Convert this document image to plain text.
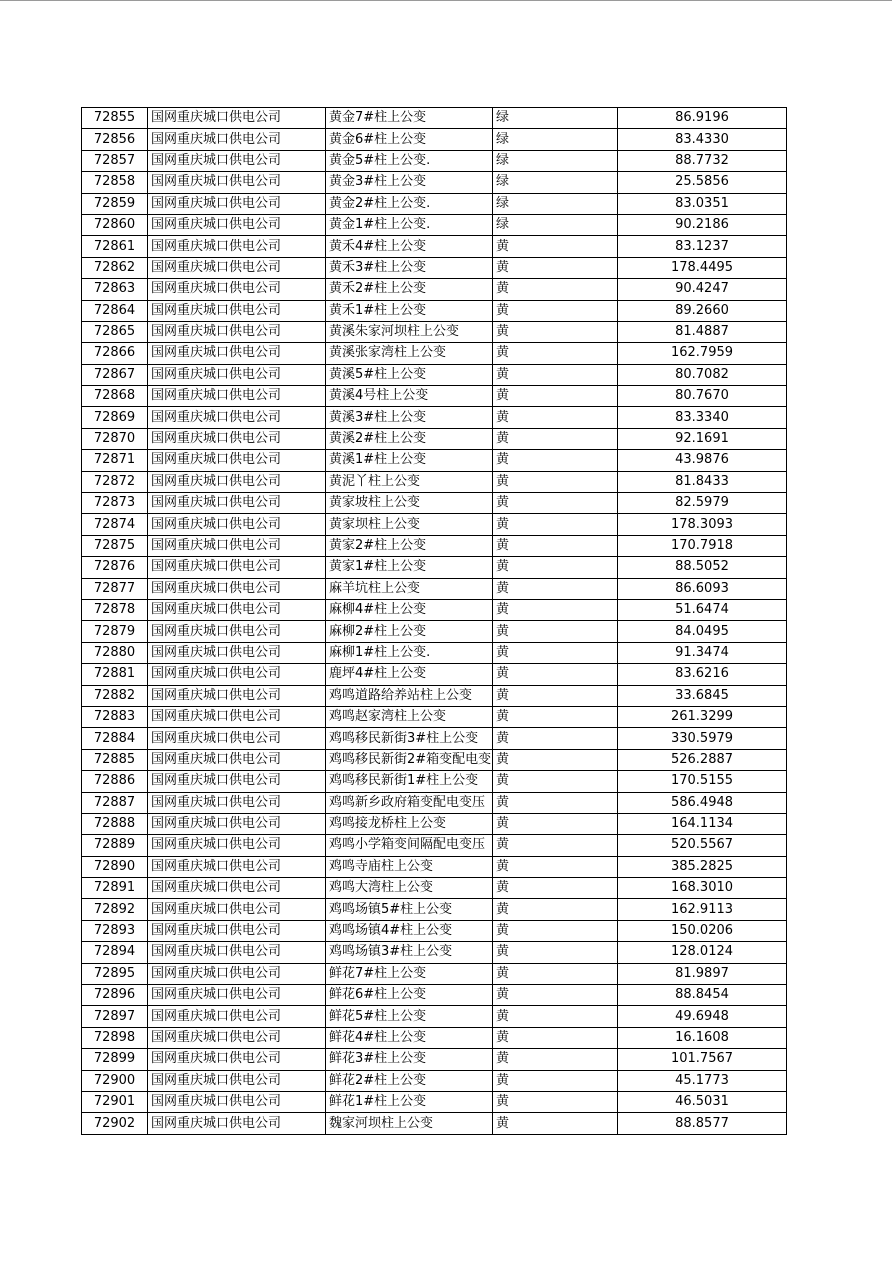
72855	国网重庆城口供电公司	黄金7#柱上公变	绿	86.9196
72856	国网重庆城口供电公司	黄金6#柱上公变	绿	83.4330
72857	国网重庆城口供电公司	黄金5#柱上公变.	绿	88.7732
72858	国网重庆城口供电公司	黄金3#柱上公变	绿	25.5856
72859	国网重庆城口供电公司	黄金2#柱上公变.	绿	83.0351
72860	国网重庆城口供电公司	黄金1#柱上公变.	绿	90.2186
72861	国网重庆城口供电公司	黄禾4#柱上公变	黄	83.1237
72862	国网重庆城口供电公司	黄禾3#柱上公变	黄	178.4495
72863	国网重庆城口供电公司	黄禾2#柱上公变	黄	90.4247
72864	国网重庆城口供电公司	黄禾1#柱上公变	黄	89.2660
72865	国网重庆城口供电公司	黄溪朱家河坝柱上公变	黄	81.4887
72866	国网重庆城口供电公司	黄溪张家湾柱上公变	黄	162.7959
72867	国网重庆城口供电公司	黄溪5#柱上公变	黄	80.7082
72868	国网重庆城口供电公司	黄溪4号柱上公变	黄	80.7670
72869	国网重庆城口供电公司	黄溪3#柱上公变	黄	83.3340
72870	国网重庆城口供电公司	黄溪2#柱上公变	黄	92.1691
72871	国网重庆城口供电公司	黄溪1#柱上公变	黄	43.9876
72872	国网重庆城口供电公司	黄泥丫柱上公变	黄	81.8433
72873	国网重庆城口供电公司	黄家坡柱上公变	黄	82.5979
72874	国网重庆城口供电公司	黄家坝柱上公变	黄	178.3093
72875	国网重庆城口供电公司	黄家2#柱上公变	黄	170.7918
72876	国网重庆城口供电公司	黄家1#柱上公变	黄	88.5052
72877	国网重庆城口供电公司	麻羊坑柱上公变	黄	86.6093
72878	国网重庆城口供电公司	麻柳4#柱上公变	黄	51.6474
72879	国网重庆城口供电公司	麻柳2#柱上公变	黄	84.0495
72880	国网重庆城口供电公司	麻柳1#柱上公变.	黄	91.3474
72881	国网重庆城口供电公司	鹿坪4#柱上公变	黄	83.6216
72882	国网重庆城口供电公司	鸡鸣道路给养站柱上公变	黄	33.6845
72883	国网重庆城口供电公司	鸡鸣赵家湾柱上公变	黄	261.3299
72884	国网重庆城口供电公司	鸡鸣移民新街3#柱上公变	黄	330.5979
72885	国网重庆城口供电公司	鸡鸣移民新街2#箱变配电变	黄	526.2887
72886	国网重庆城口供电公司	鸡鸣移民新街1#柱上公变	黄	170.5155
72887	国网重庆城口供电公司	鸡鸣新乡政府箱变配电变压	黄	586.4948
72888	国网重庆城口供电公司	鸡鸣接龙桥柱上公变	黄	164.1134
72889	国网重庆城口供电公司	鸡鸣小学箱变间隔配电变压	黄	520.5567
72890	国网重庆城口供电公司	鸡鸣寺庙柱上公变	黄	385.2825
72891	国网重庆城口供电公司	鸡鸣大湾柱上公变	黄	168.3010
72892	国网重庆城口供电公司	鸡鸣场镇5#柱上公变	黄	162.9113
72893	国网重庆城口供电公司	鸡鸣场镇4#柱上公变	黄	150.0206
72894	国网重庆城口供电公司	鸡鸣场镇3#柱上公变	黄	128.0124
72895	国网重庆城口供电公司	鲜花7#柱上公变	黄	81.9897
72896	国网重庆城口供电公司	鲜花6#柱上公变	黄	88.8454
72897	国网重庆城口供电公司	鲜花5#柱上公变	黄	49.6948
72898	国网重庆城口供电公司	鲜花4#柱上公变	黄	16.1608
72899	国网重庆城口供电公司	鲜花3#柱上公变	黄	101.7567
72900	国网重庆城口供电公司	鲜花2#柱上公变	黄	45.1773
72901	国网重庆城口供电公司	鲜花1#柱上公变	黄	46.5031
72902	国网重庆城口供电公司	魏家河坝柱上公变	黄	88.8577
